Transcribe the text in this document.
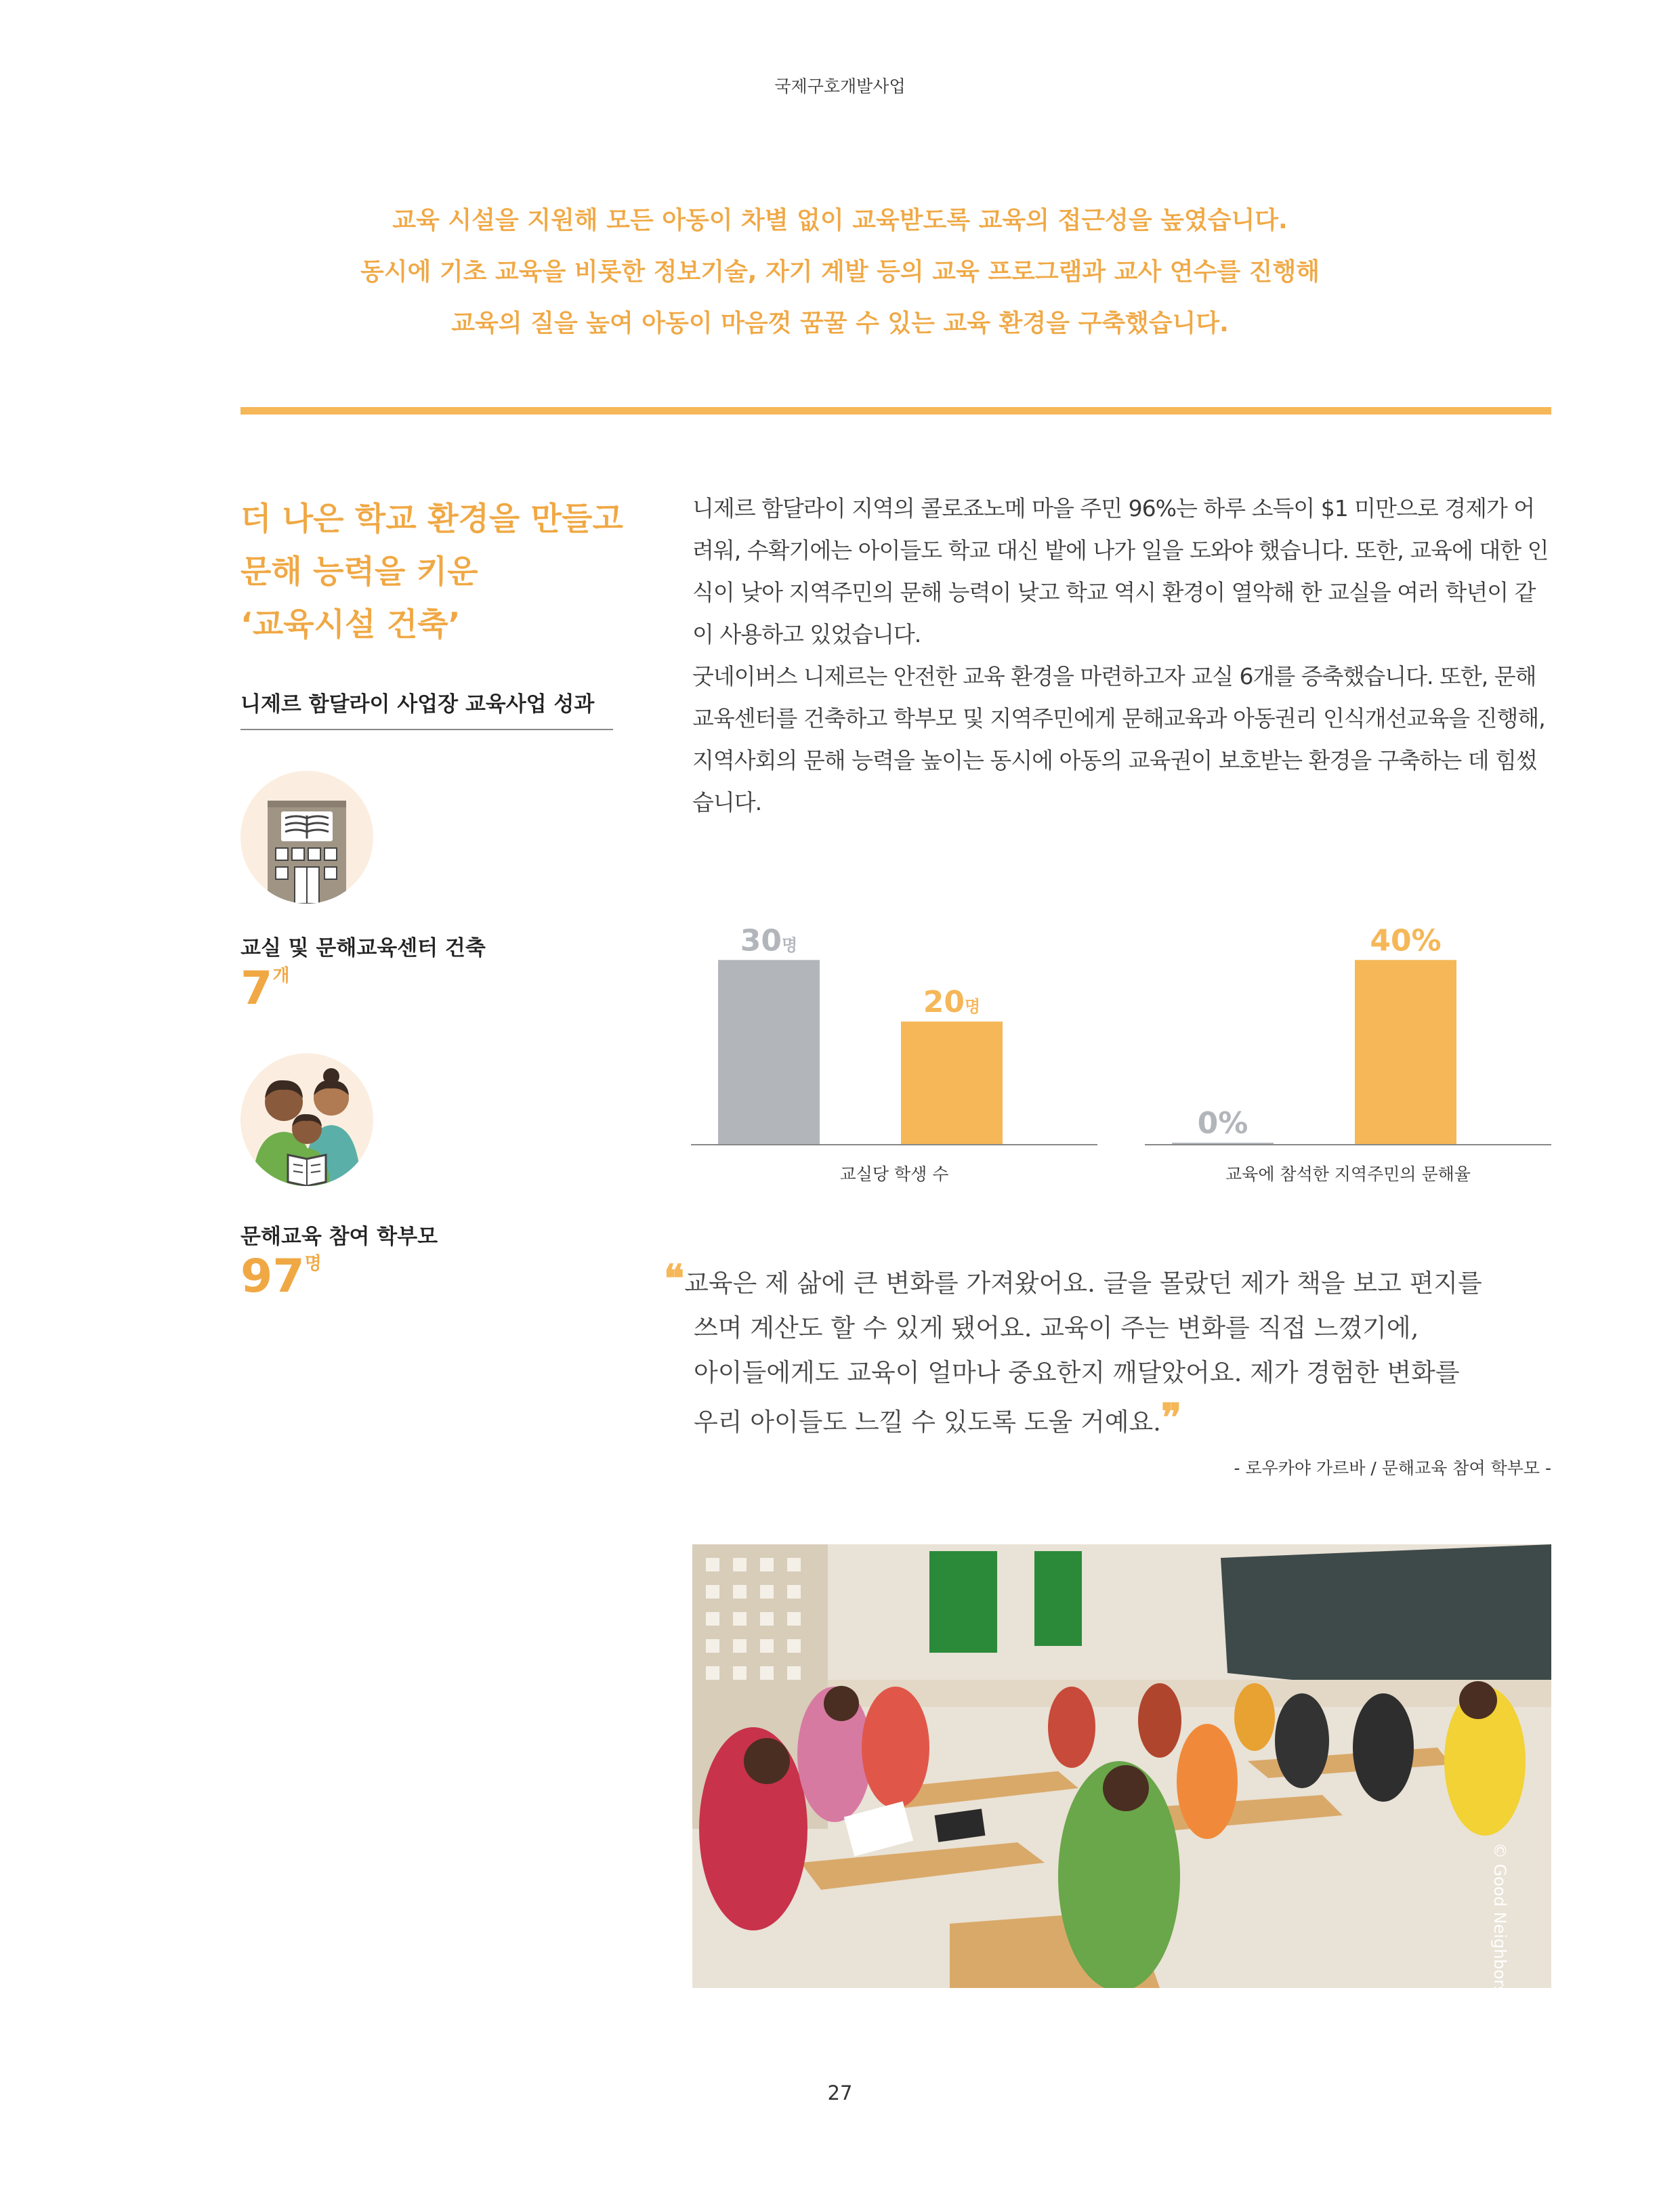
국제구호개발사업
교육 시설을 지원해 모든 아동이 차별 없이 교육받도록 교육의 접근성을 높였습니다.
동시에 기초 교육을 비롯한 정보기술, 자기 계발 등의 교육 프로그램과 교사 연수를 진행해
교육의 질을 높여 아동이 마음껏 꿈꿀 수 있는 교육 환경을 구축했습니다.
더 나은 학교 환경을 만들고
문해 능력을 키운
‘교육시설 건축’
니제르 함달라이 사업장 교육사업 성과
교실 및 문해교육센터 건축
7개
문해교육 참여 학부모
97명

니제르 함달라이 지역의 콜로죠노메 마을 주민 96%는 하루 소득이 $1 미만으로 경제가 어려워, 수확기에는 아이들도 학교 대신 밭에 나가 일을 도와야 했습니다. 또한, 교육에 대한 인식이 낮아 지역주민의 문해 능력이 낮고 학교 역시 환경이 열악해 한 교실을 여러 학년이 같이 사용하고 있었습니다.

굿네이버스 니제르는 안전한 교육 환경을 마련하고자 교실 6개를 증축했습니다. 또한, 문해교육센터를 건축하고 학부모 및 지역주민에게 문해교육과 아동권리 인식개선교육을 진행해, 지역사회의 문해 능력을 높이는 동시에 아동의 교육권이 보호받는 환경을 구축하는 데 힘썼습니다.

30명
20명
교실당 학생 수
0%
40%
교육에 참석한 지역주민의 문해율
❝교육은 제 삶에 큰 변화를 가져왔어요. 글을 몰랐던 제가 책을 보고 편지를
쓰며 계산도 할 수 있게 됐어요. 교육이 주는 변화를 직접 느꼈기에,
아이들에게도 교육이 얼마나 중요한지 깨달았어요. 제가 경험한 변화를
우리 아이들도 느낄 수 있도록 도울 거예요.❞
- 로우카야 가르바 / 문해교육 참여 학부모 -
© Good Neighbors
27
